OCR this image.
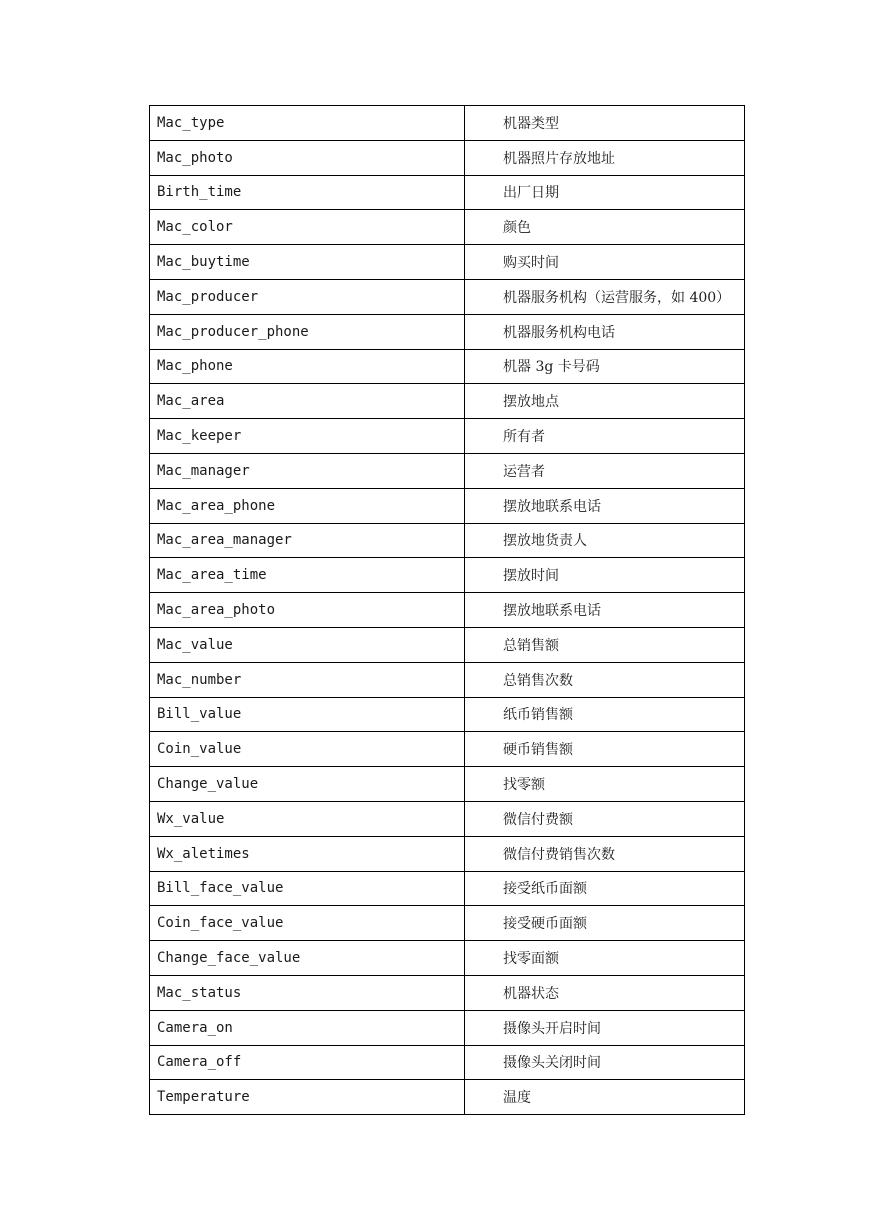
Mac_type	机器类型
Mac_photo	机器照片存放地址
Birth_time	出厂日期
Mac_color	颜色
Mac_buytime	购买时间
Mac_producer	机器服务机构（运营服务，如 400）
Mac_producer_phone	机器服务机构电话
Mac_phone	机器 3g 卡号码
Mac_area	摆放地点
Mac_keeper	所有者
Mac_manager	运营者
Mac_area_phone	摆放地联系电话
Mac_area_manager	摆放地货责人
Mac_area_time	摆放时间
Mac_area_photo	摆放地联系电话
Mac_value	总销售额
Mac_number	总销售次数
Bill_value	纸币销售额
Coin_value	硬币销售额
Change_value	找零额
Wx_value	微信付费额
Wx_aletimes	微信付费销售次数
Bill_face_value	接受纸币面额
Coin_face_value	接受硬币面额
Change_face_value	找零面额
Mac_status	机器状态
Camera_on	摄像头开启时间
Camera_off	摄像头关闭时间
Temperature	温度
